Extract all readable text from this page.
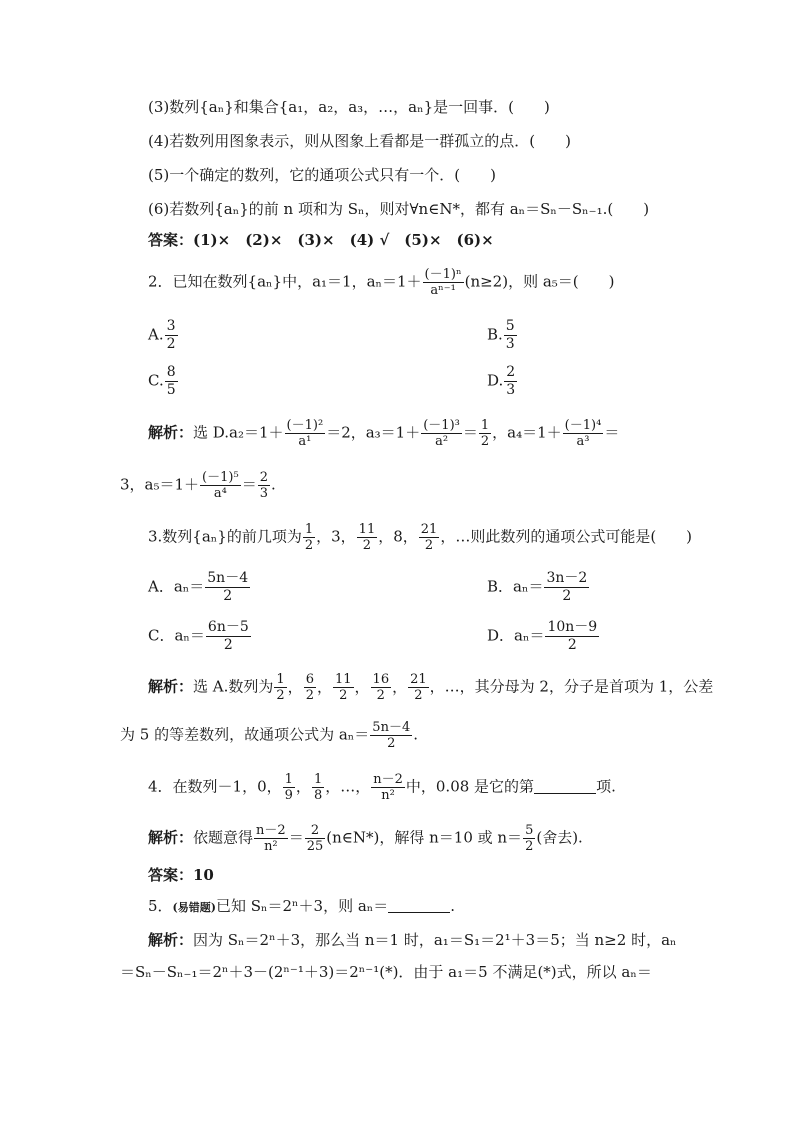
(3)数列{aₙ}和集合{a₁，a₂，a₃，…，aₙ}是一回事．(　　)
(4)若数列用图象表示，则从图象上看都是一群孤立的点．(　　)
(5)一个确定的数列，它的通项公式只有一个．(　　)
(6)若数列{aₙ}的前 n 项和为 Sₙ，则对∀n∈N*，都有 aₙ＝Sₙ－Sₙ₋₁.(　　)
答案：(1)×　(2)×　(3)×　(4) √　(5)×　(6)×
2．已知在数列{aₙ}中，a₁＝1，$a_n=1+ \frac{\text{(－1)ⁿ}}{\text{aⁿ⁻¹}} (n\ge 2)$，则 a₅＝(　　)
A. $\frac{3}{2}$	B. $\frac{5}{3}$
C. $\frac{8}{5}$	D. $\frac{2}{3}$
解析：选 $D.a_2=1+ \frac{\text{(－1)²}}{\text{a¹}} =2$，$a_3=1+ \frac{\text{(－1)³}}{\text{a²}} = \frac{1}{2}$ ，$a_4=1+ \frac{\text{(－1)⁴}}{\text{a³}}$ ＝
3，$a_5=1+ \frac{\text{(－1)⁵}}{\text{a⁴}} = \frac{2}{3}$ .
3.数列{aₙ}的前几项为 $\frac{1}{2}$ ，3， $\frac{11}{2}$ ，8， $\frac{21}{2}$ ，…则此数列的通项公式可能是(　　)
A．$a_n= \frac{5n-4}{2}$	B．$a_n= \frac{3n-2}{2}$
C．$a_n= \frac{6n-5}{2}$	D．$a_n= \frac{10n-9}{2}$
解析：选 A.数列为 $\frac{1}{2}$ ， $\frac{6}{2}$ ， $\frac{11}{2}$ ， $\frac{16}{2}$ ， $\frac{21}{2}$ ，…，其分母为 2，分子是首项为 1，公差
为 5 的等差数列，故通项公式为 $a_n= \frac{5n-4}{2}$ .
4．在数列－1，0， $\frac{1}{9}$ ， $\frac{1}{8}$ ，…， $\frac{n-2}{\text{n²}}$ 中，0.08 是它的第	项.
解析：依题意得 $\frac{n-2}{\text{n²}} = \frac{2}{25}$ (n∈N*)，解得 n＝10 或 $n= \frac{5}{2}$ (舍去).
答案：10
5．(易错题)已知 Sₙ＝2ⁿ＋3，则 aₙ＝	.
解析：因为 Sₙ＝2ⁿ＋3，那么当 n＝1 时，a₁＝S₁＝2¹＋3＝5；当 n≥2 时，aₙ
＝Sₙ－Sₙ₋₁＝2ⁿ＋3－(2ⁿ⁻¹＋3)＝2ⁿ⁻¹(*)．由于 a₁＝5 不满足(*)式，所以 aₙ＝
